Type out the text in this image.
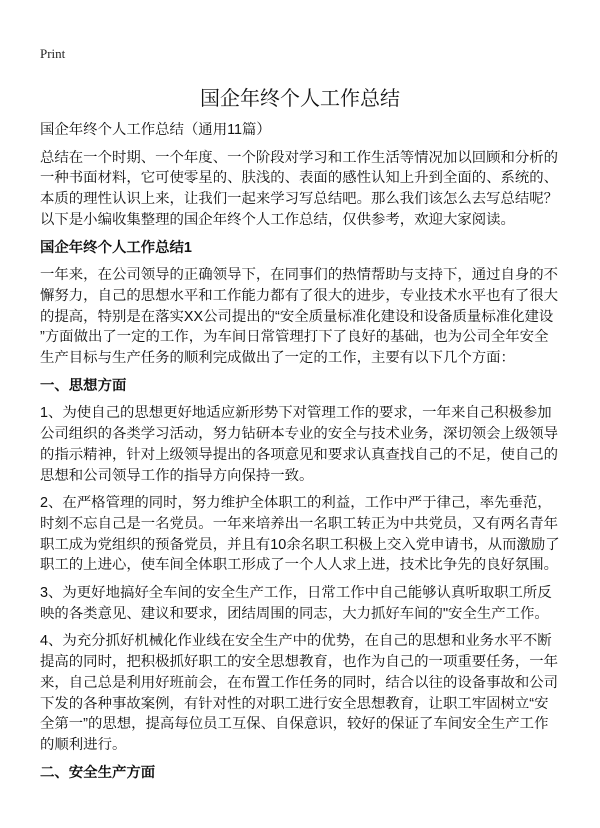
Print
国企年终个人工作总结
国企年终个人工作总结（通用11篇）
总结在一个时期、一个年度、一个阶段对学习和工作生活等情况加以回顾和分析的
一种书面材料，它可使零星的、肤浅的、表面的感性认知上升到全面的、系统的、
本质的理性认识上来，让我们一起来学习写总结吧。那么我们该怎么去写总结呢？
以下是小编收集整理的国企年终个人工作总结，仅供参考，欢迎大家阅读。
国企年终个人工作总结1
一年来，在公司领导的正确领导下，在同事们的热情帮助与支持下，通过自身的不
懈努力，自己的思想水平和工作能力都有了很大的进步，专业技术水平也有了很大
的提高，特别是在落实XX公司提出的“安全质量标准化建设和设备质量标准化建设
”方面做出了一定的工作，为车间日常管理打下了良好的基础，也为公司全年安全
生产目标与生产任务的顺利完成做出了一定的工作，主要有以下几个方面：
一、思想方面
1、为使自己的思想更好地适应新形势下对管理工作的要求，一年来自己积极参加
公司组织的各类学习活动，努力钻研本专业的安全与技术业务，深切领会上级领导
的指示精神，针对上级领导提出的各项意见和要求认真查找自己的不足，使自己的
思想和公司领导工作的指导方向保持一致。
2、在严格管理的同时，努力维护全体职工的利益，工作中严于律己，率先垂范，
时刻不忘自己是一名党员。一年来培养出一名职工转正为中共党员，又有两名青年
职工成为党组织的预备党员，并且有10余名职工积极上交入党申请书，从而激励了
职工的上进心，使车间全体职工形成了一个人人求上进，技术比争先的良好氛围。
3、为更好地搞好全车间的安全生产工作，日常工作中自己能够认真听取职工所反
映的各类意见、建议和要求，团结周围的同志，大力抓好车间的"安全生产工作。
4、为充分抓好机械化作业线在安全生产中的优势，在自己的思想和业务水平不断
提高的同时，把积极抓好职工的安全思想教育，也作为自己的一项重要任务，一年
来，自己总是利用好班前会，在布置工作任务的同时，结合以往的设备事故和公司
下发的各种事故案例，有针对性的对职工进行安全思想教育，让职工牢固树立“安
全第一”的思想，提高每位员工互保、自保意识，较好的保证了车间安全生产工作
的顺利进行。
二、安全生产方面
